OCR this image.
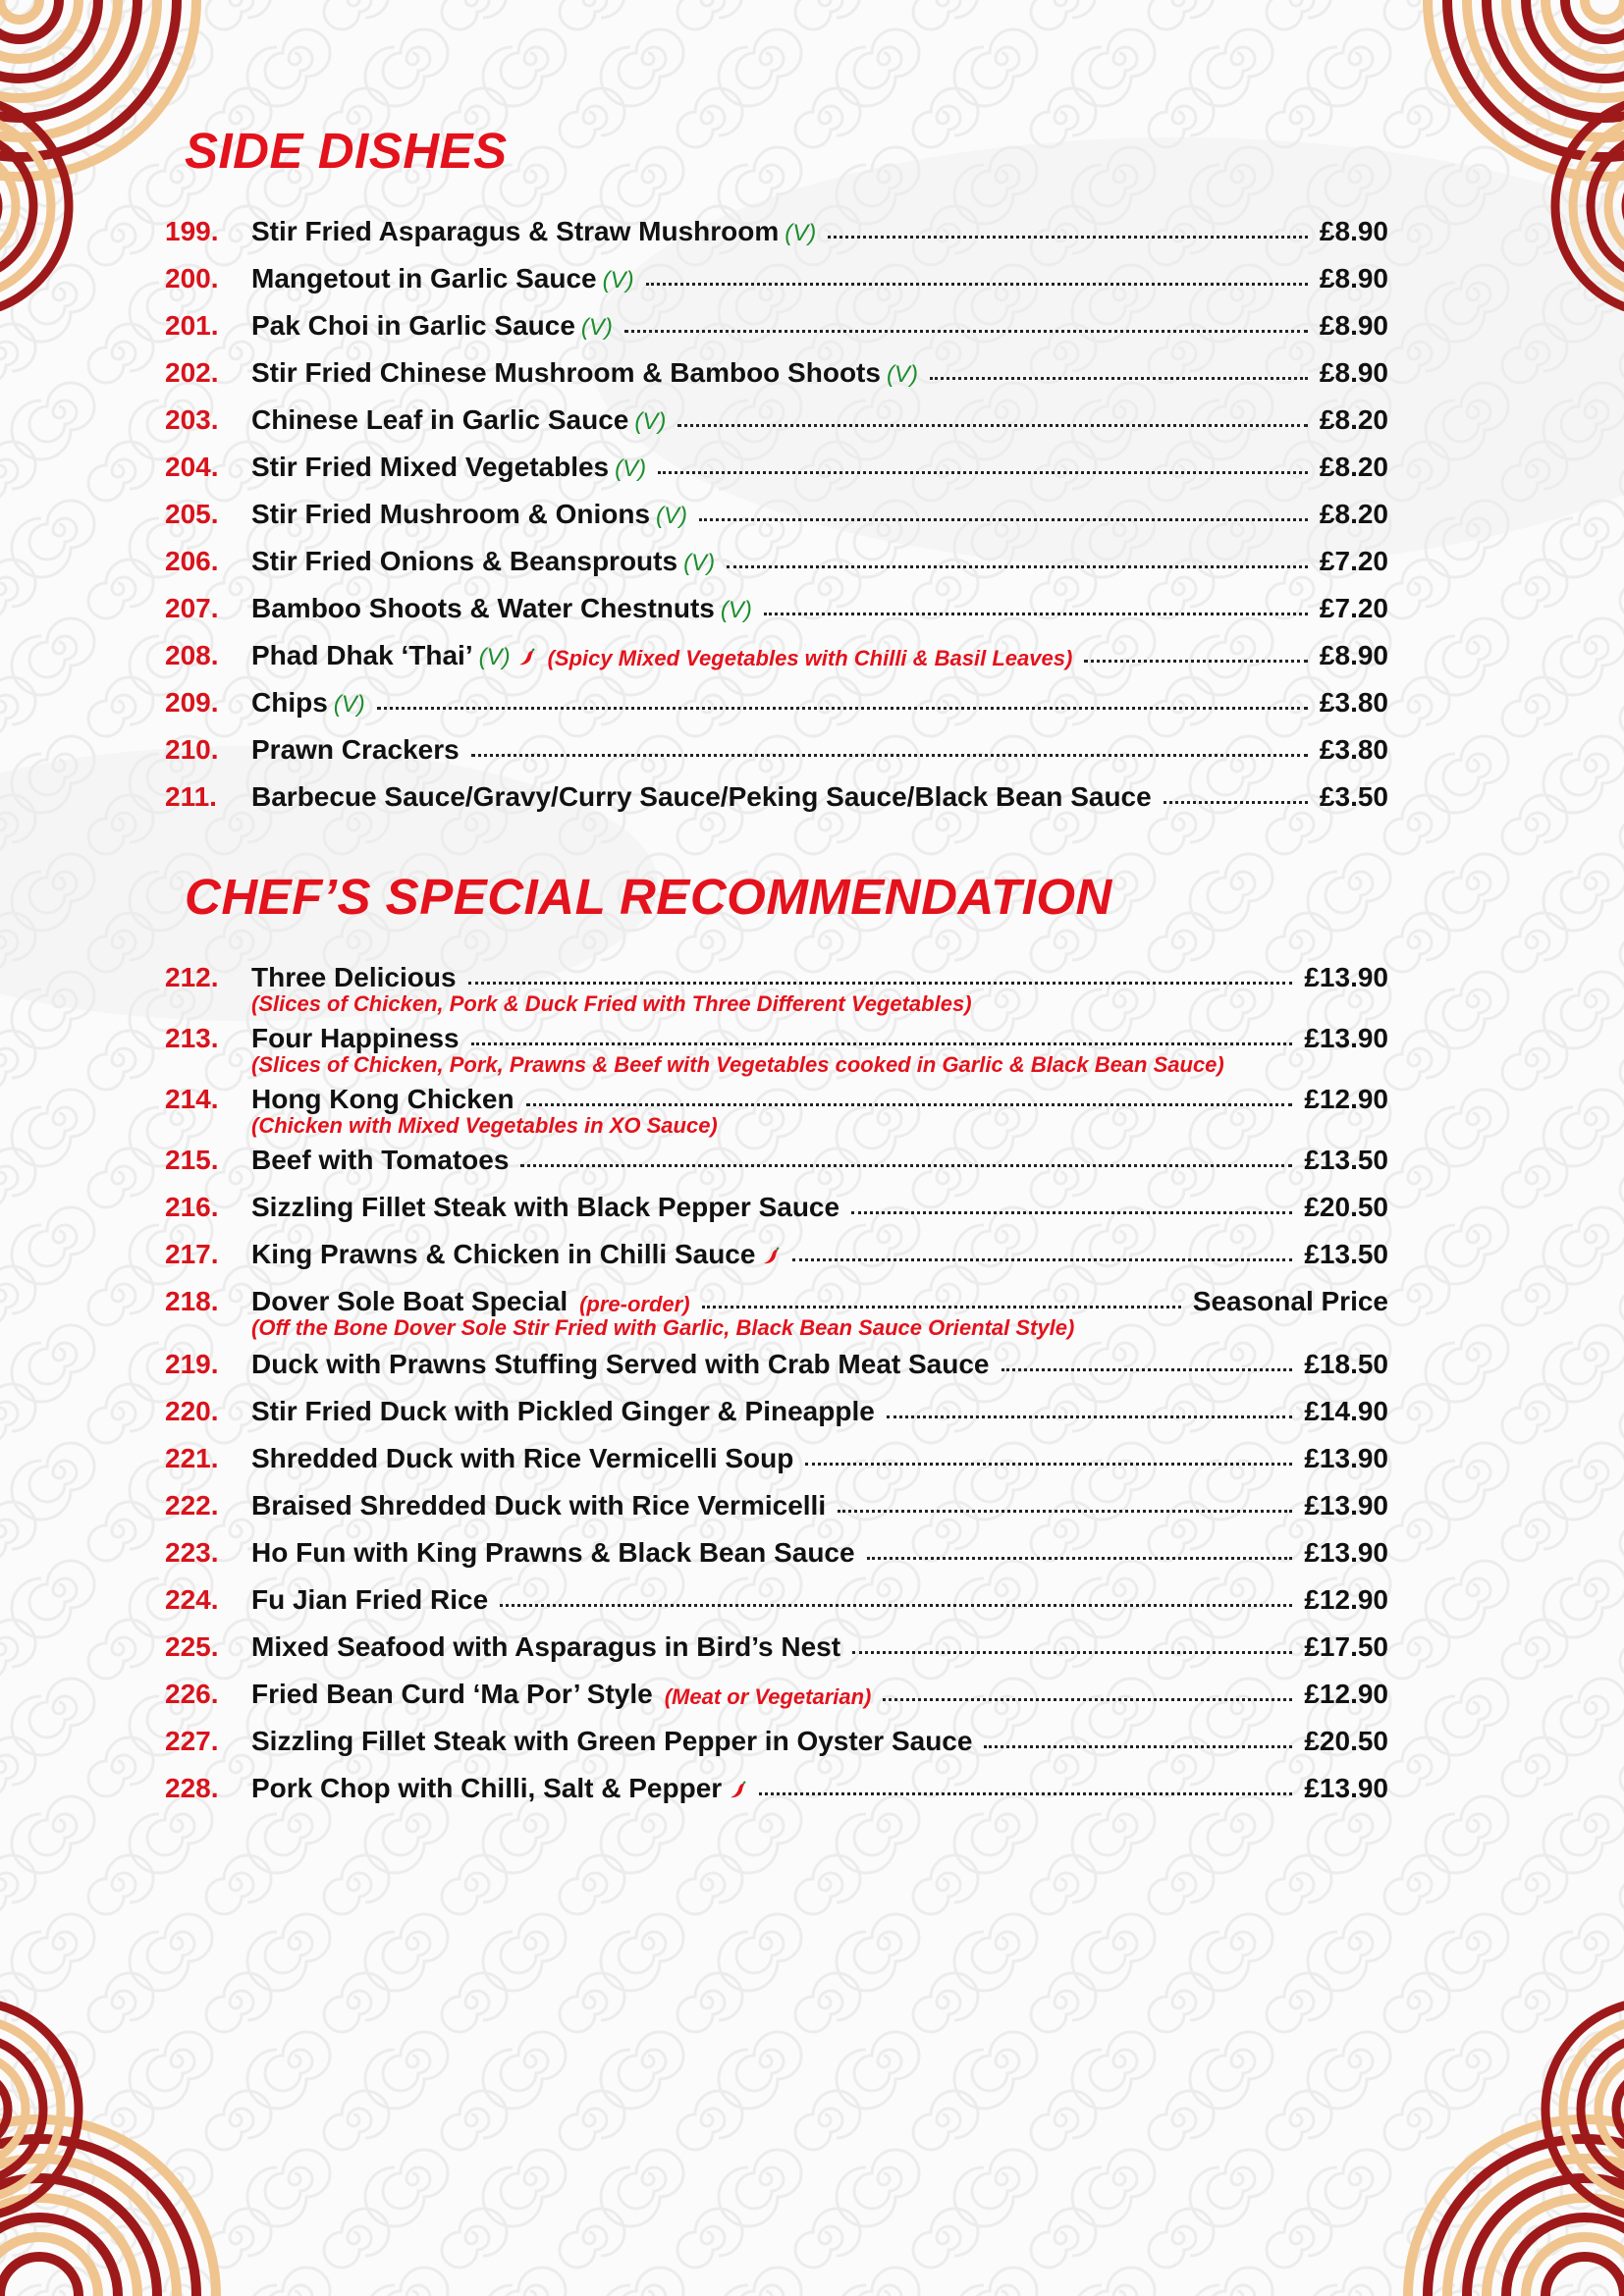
SIDE DISHES
199.	Stir Fried Asparagus & Straw Mushroom (V)	£8.90
200.	Mangetout in Garlic Sauce (V)	£8.90
201.	Pak Choi in Garlic Sauce (V)	£8.90
202.	Stir Fried Chinese Mushroom & Bamboo Shoots (V)	£8.90
203.	Chinese Leaf in Garlic Sauce (V)	£8.20
204.	Stir Fried Mixed Vegetables (V)	£8.20
205.	Stir Fried Mushroom & Onions (V)	£8.20
206.	Stir Fried Onions & Beansprouts (V)	£7.20
207.	Bamboo Shoots & Water Chestnuts (V)	£7.20
208.	Phad Dhak ‘Thai’ (V) (Spicy Mixed Vegetables with Chilli & Basil Leaves)	£8.90
209.	Chips (V)	£3.80
210.	Prawn Crackers	£3.80
211.	Barbecue Sauce/Gravy/Curry Sauce/Peking Sauce/Black Bean Sauce	£3.50
CHEF’S SPECIAL RECOMMENDATION
212.	Three Delicious	£13.90
(Slices of Chicken, Pork & Duck Fried with Three Different Vegetables)
213.	Four Happiness	£13.90
(Slices of Chicken, Pork, Prawns & Beef with Vegetables cooked in Garlic & Black Bean Sauce)
214.	Hong Kong Chicken	£12.90
(Chicken with Mixed Vegetables in XO Sauce)
215.	Beef with Tomatoes	£13.50
216.	Sizzling Fillet Steak with Black Pepper Sauce	£20.50
217.	King Prawns & Chicken in Chilli Sauce	£13.50
218.	Dover Sole Boat Special (pre-order)	Seasonal Price
(Off the Bone Dover Sole Stir Fried with Garlic, Black Bean Sauce Oriental Style)
219.	Duck with Prawns Stuffing Served with Crab Meat Sauce	£18.50
220.	Stir Fried Duck with Pickled Ginger & Pineapple	£14.90
221.	Shredded Duck with Rice Vermicelli Soup	£13.90
222.	Braised Shredded Duck with Rice Vermicelli	£13.90
223.	Ho Fun with King Prawns & Black Bean Sauce	£13.90
224.	Fu Jian Fried Rice	£12.90
225.	Mixed Seafood with Asparagus in Bird’s Nest	£17.50
226.	Fried Bean Curd ‘Ma Por’ Style (Meat or Vegetarian)	£12.90
227.	Sizzling Fillet Steak with Green Pepper in Oyster Sauce	£20.50
228.	Pork Chop with Chilli, Salt & Pepper	£13.90
